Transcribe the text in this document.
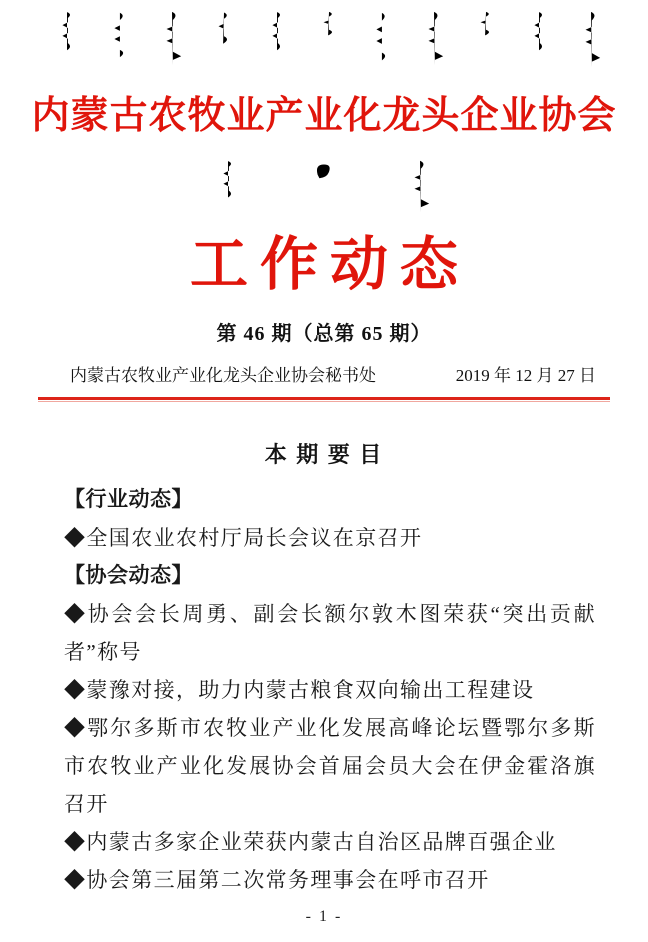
内蒙古农牧业产业化龙头企业协会
工作动态
第 46 期（总第 65 期）
内蒙古农牧业产业化龙头企业协会秘书处	2019 年 12 月 27 日
本 期 要 目
【行业动态】
◆全国农业农村厅局长会议在京召开
【协会动态】
◆协会会长周勇、副会长额尔敦木图荣获“突出贡献者”称号
◆蒙豫对接，助力内蒙古粮食双向输出工程建设
◆鄂尔多斯市农牧业产业化发展高峰论坛暨鄂尔多斯市农牧业产业化发展协会首届会员大会在伊金霍洛旗召开
◆内蒙古多家企业荣获内蒙古自治区品牌百强企业
◆协会第三届第二次常务理事会在呼市召开
- 1 -
